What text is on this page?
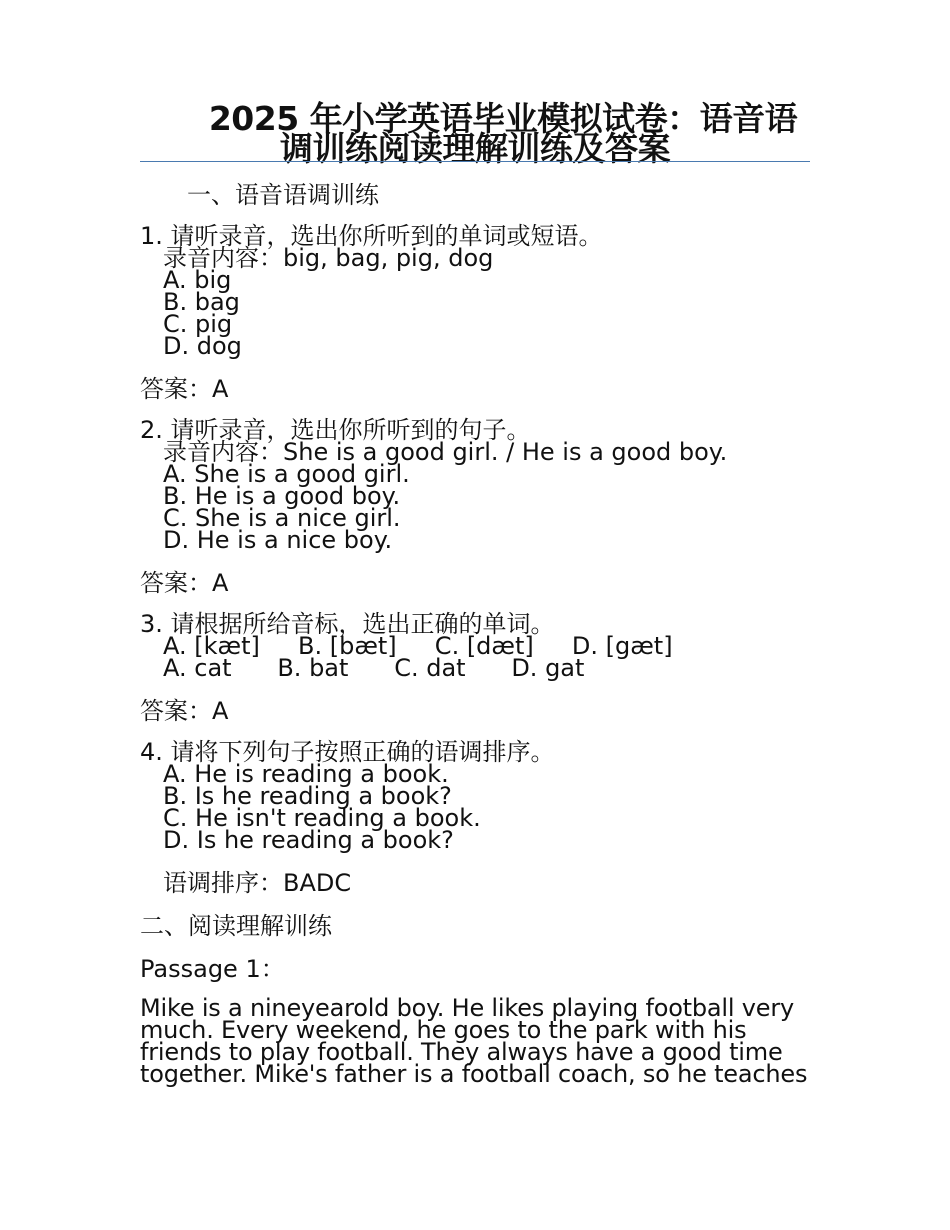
2025 年小学英语毕业模拟试卷：语音语
调训练阅读理解训练及答案
一、语音语调训练
1. 请听录音，选出你所听到的单词或短语。
录音内容：big, bag, pig, dog
A. big
B. bag
C. pig
D. dog
答案：A
2. 请听录音，选出你所听到的句子。
录音内容：She is a good girl. / He is a good boy.
A. She is a good girl.
B. He is a good boy.
C. She is a nice girl.
D. He is a nice boy.
答案：A
3. 请根据所给音标，选出正确的单词。
A. [kæt]     B. [bæt]     C. [dæt]     D. [gæt]
A. cat      B. bat      C. dat      D. gat
答案：A
4. 请将下列句子按照正确的语调排序。
A. He is reading a book.
B. Is he reading a book?
C. He isn't reading a book.
D. Is he reading a book?
语调排序：BADC
二、阅读理解训练
Passage 1：
Mike is a nineyearold boy. He likes playing football very
much. Every weekend, he goes to the park with his
friends to play football. They always have a good time
together. Mike's father is a football coach, so he teaches
